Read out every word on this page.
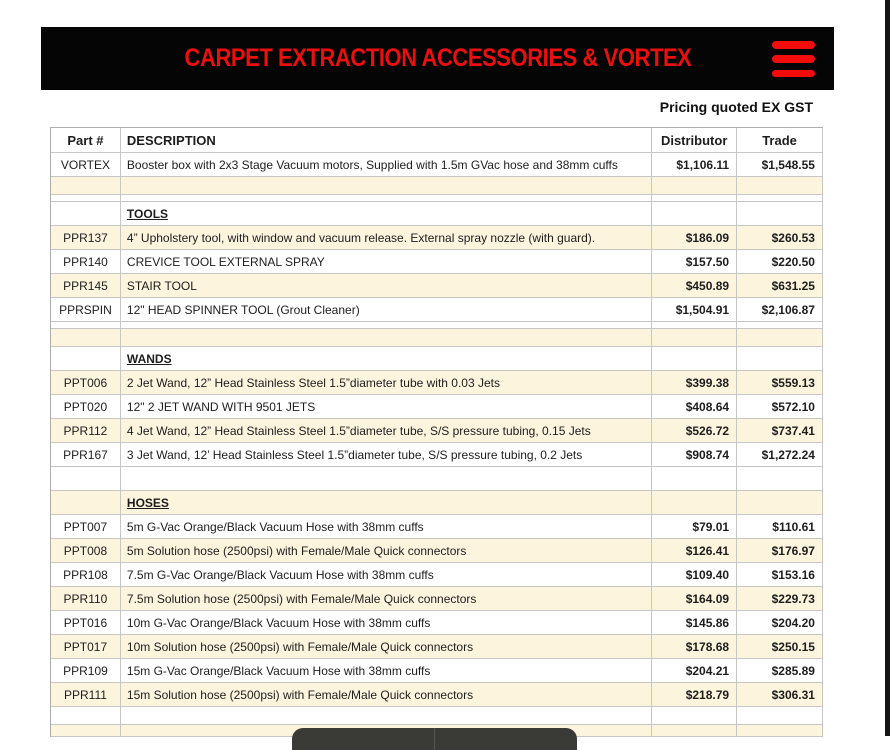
CARPET EXTRACTION ACCESSORIES & VORTEX
Pricing quoted EX GST
Part #	DESCRIPTION	Distributor	Trade
VORTEX	Booster box with 2x3 Stage Vacuum motors, Supplied with 1.5m GVac hose and 38mm cuffs	$1,106.11	$1,548.55
TOOLS
PPR137	4” Upholstery tool, with window and vacuum release. External spray nozzle (with guard).	$186.09	$260.53
PPR140	CREVICE TOOL EXTERNAL SPRAY	$157.50	$220.50
PPR145	STAIR TOOL	$450.89	$631.25
PPRSPIN	12" HEAD SPINNER TOOL (Grout Cleaner)	$1,504.91	$2,106.87
WANDS
PPT006	2 Jet Wand, 12” Head Stainless Steel 1.5”diameter tube with 0.03 Jets	$399.38	$559.13
PPT020	12" 2 JET WAND WITH 9501 JETS	$408.64	$572.10
PPR112	4 Jet Wand, 12” Head Stainless Steel 1.5”diameter tube, S/S pressure tubing, 0.15 Jets	$526.72	$737.41
PPR167	3 Jet Wand, 12’ Head Stainless Steel 1.5”diameter tube, S/S pressure tubing, 0.2 Jets	$908.74	$1,272.24
HOSES
PPT007	5m G-Vac Orange/Black Vacuum Hose with 38mm cuffs	$79.01	$110.61
PPT008	5m Solution hose (2500psi) with Female/Male Quick connectors	$126.41	$176.97
PPR108	7.5m G-Vac Orange/Black Vacuum Hose with 38mm cuffs	$109.40	$153.16
PPR110	7.5m Solution hose (2500psi) with Female/Male Quick connectors	$164.09	$229.73
PPT016	10m G-Vac Orange/Black Vacuum Hose with 38mm cuffs	$145.86	$204.20
PPT017	10m Solution hose (2500psi) with Female/Male Quick connectors	$178.68	$250.15
PPR109	15m G-Vac Orange/Black Vacuum Hose with 38mm cuffs	$204.21	$285.89
PPR111	15m Solution hose (2500psi) with Female/Male Quick connectors	$218.79	$306.31
